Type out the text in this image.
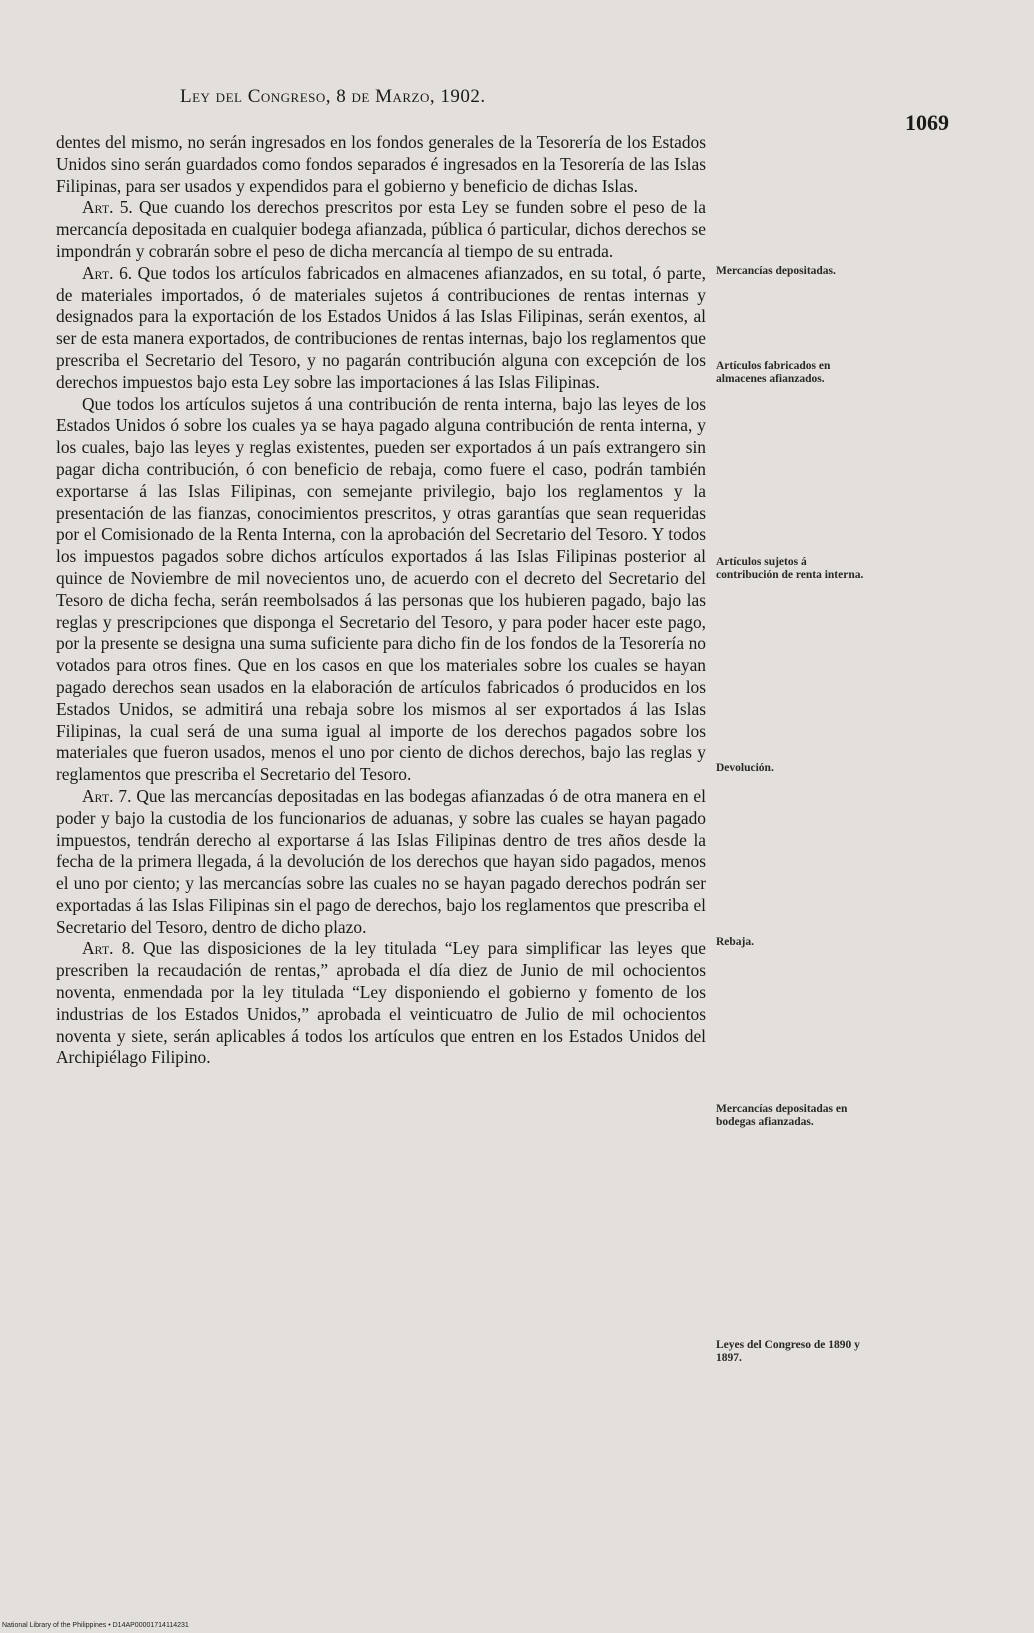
Ley del Congreso, 8 de Marzo, 1902.
1069

dentes del mismo, no serán ingresados en los fondos generales de la Tesorería de los Estados Unidos sino serán guardados como fondos separados é ingresados en la Tesorería de las Islas Filipinas, para ser usados y expendidos para el gobierno y beneficio de dichas Islas.

Art. 5. Que cuando los derechos prescritos por esta Ley se funden sobre el peso de la mercancía depositada en cualquier bodega afianzada, pública ó particular, dichos derechos se impondrán y cobrarán sobre el peso de dicha mercancía al tiempo de su entrada.

Art. 6. Que todos los artículos fabricados en almacenes afianzados, en su total, ó parte, de materiales importados, ó de materiales sujetos á contribuciones de rentas internas y designados para la exportación de los Estados Unidos á las Islas Filipinas, serán exentos, al ser de esta manera exportados, de contribuciones de rentas internas, bajo los reglamentos que prescriba el Secretario del Tesoro, y no pagarán contribución alguna con excepción de los derechos impuestos bajo esta Ley sobre las importaciones á las Islas Filipinas.

Que todos los artículos sujetos á una contribución de renta interna, bajo las leyes de los Estados Unidos ó sobre los cuales ya se haya pagado alguna contribución de renta interna, y los cuales, bajo las leyes y reglas existentes, pueden ser exportados á un país extrangero sin pagar dicha contribución, ó con beneficio de rebaja, como fuere el caso, podrán también exportarse á las Islas Filipinas, con semejante privilegio, bajo los reglamentos y la presentación de las fianzas, conocimientos prescritos, y otras garantías que sean requeridas por el Comisionado de la Renta Interna, con la aprobación del Secretario del Tesoro. Y todos los impuestos pagados sobre dichos artículos exportados á las Islas Filipinas posterior al quince de Noviembre de mil novecientos uno, de acuerdo con el decreto del Secretario del Tesoro de dicha fecha, serán reembolsados á las personas que los hubieren pagado, bajo las reglas y prescripciones que disponga el Secretario del Tesoro, y para poder hacer este pago, por la presente se designa una suma suficiente para dicho fin de los fondos de la Tesorería no votados para otros fines. Que en los casos en que los materiales sobre los cuales se hayan pagado derechos sean usados en la elaboración de artículos fabricados ó producidos en los Estados Unidos, se admitirá una rebaja sobre los mismos al ser exportados á las Islas Filipinas, la cual será de una suma igual al importe de los derechos pagados sobre los materiales que fueron usados, menos el uno por ciento de dichos derechos, bajo las reglas y reglamentos que prescriba el Secretario del Tesoro.

Art. 7. Que las mercancías depositadas en las bodegas afianzadas ó de otra manera en el poder y bajo la custodia de los funcionarios de aduanas, y sobre las cuales se hayan pagado impuestos, tendrán derecho al exportarse á las Islas Filipinas dentro de tres años desde la fecha de la primera llegada, á la devolución de los derechos que hayan sido pagados, menos el uno por ciento; y las mercancías sobre las cuales no se hayan pagado derechos podrán ser exportadas á las Islas Filipinas sin el pago de derechos, bajo los reglamentos que prescriba el Secretario del Tesoro, dentro de dicho plazo.

Art. 8. Que las disposiciones de la ley titulada “Ley para simplificar las leyes que prescriben la recaudación de rentas,” aprobada el día diez de Junio de mil ochocientos noventa, enmendada por la ley titulada “Ley disponiendo el gobierno y fomento de los industrias de los Estados Unidos,” aprobada el veinticuatro de Julio de mil ochocientos noventa y siete, serán aplicables á todos los artículos que entren en los Estados Unidos del Archipiélago Filipino.

Mercancías depositadas.
Artículos fabricados en almacenes afianzados.
Artículos sujetos á contribución de renta interna.
Devolución.
Rebaja.
Mercancías depositadas en bodegas afianzadas.
Leyes del Congreso de 1890 y 1897.
National Library of the Philippines • D14AP00001714114231
